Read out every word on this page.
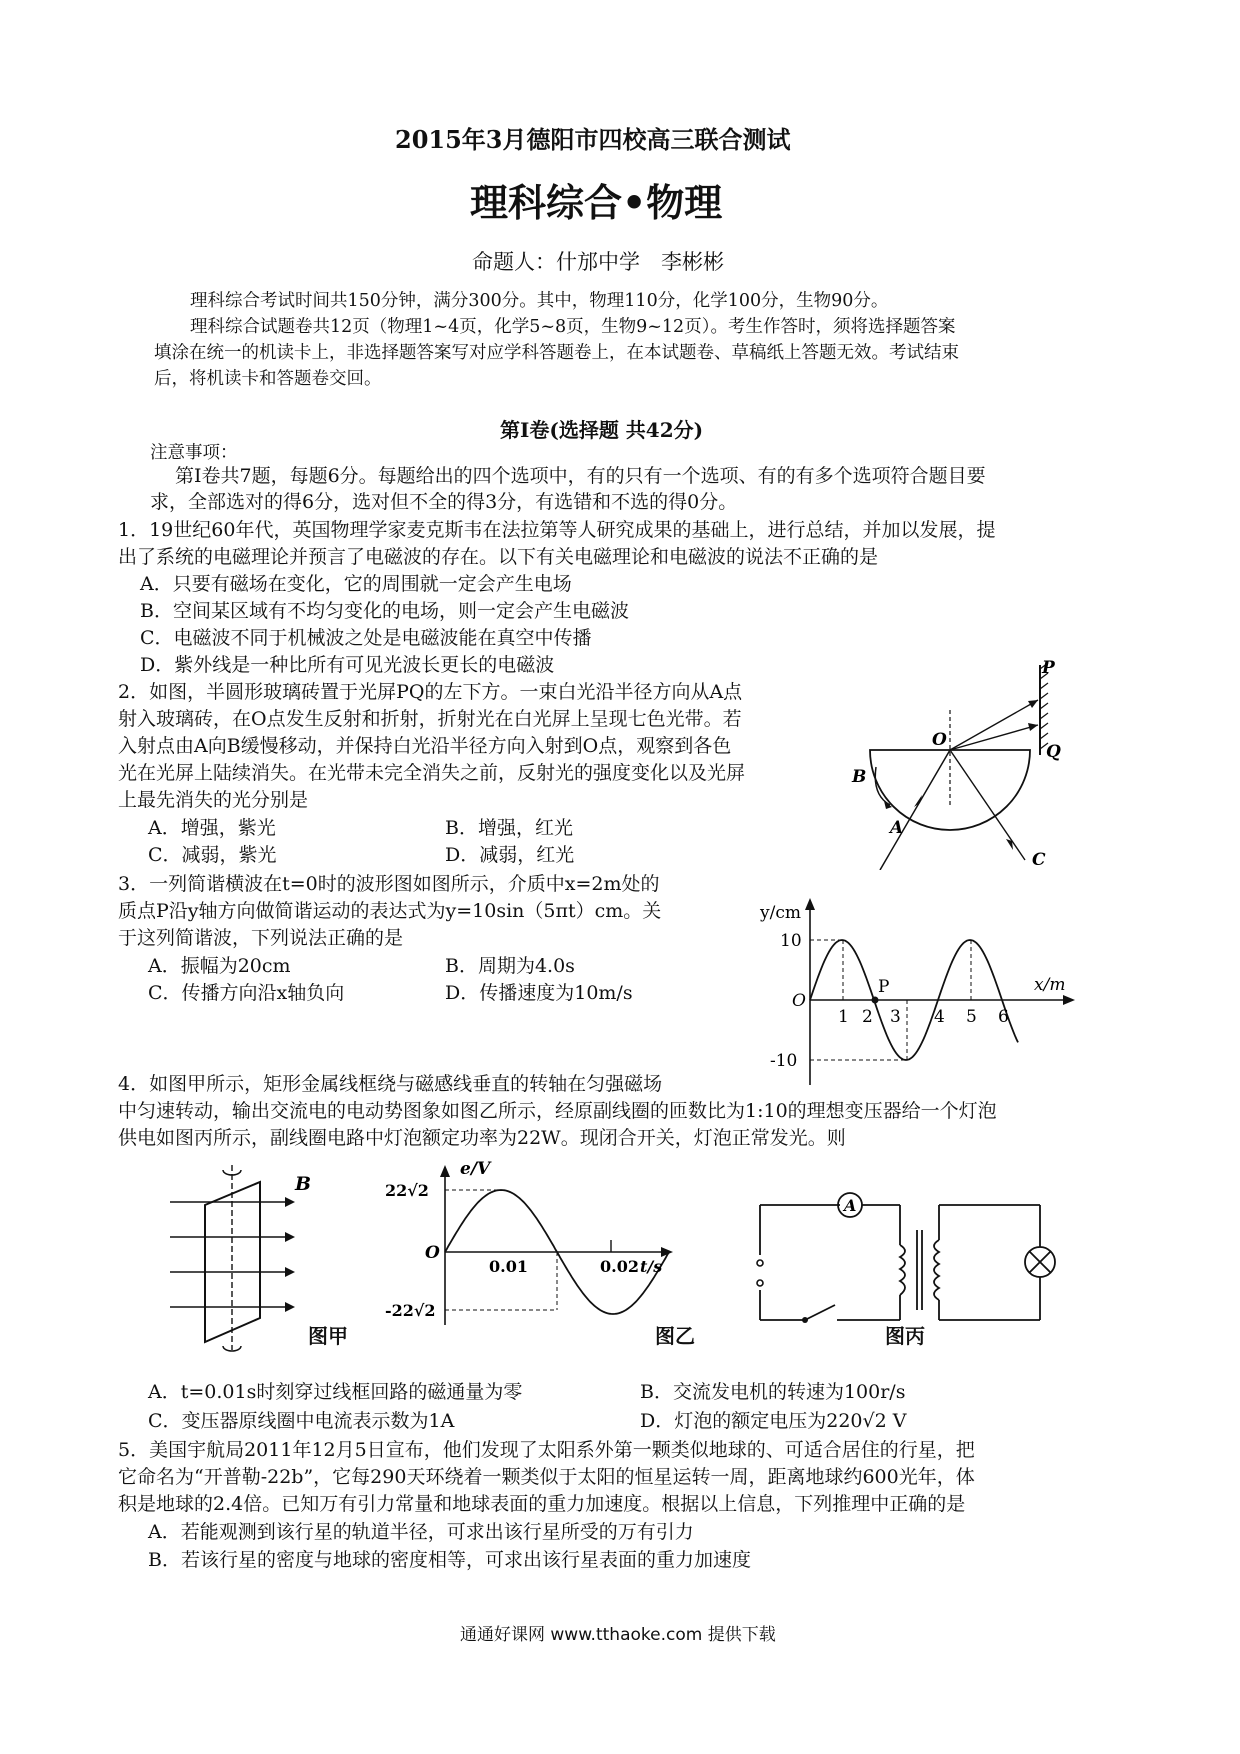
2015年3月德阳市四校高三联合测试
理科综合•物理
命题人：什邡中学　李彬彬
理科综合考试时间共150分钟，满分300分。其中，物理110分，化学100分，生物90分。
理科综合试题卷共12页（物理1~4页，化学5~8页，生物9~12页）。考生作答时，须将选择题答案
填涂在统一的机读卡上，非选择题答案写对应学科答题卷上，在本试题卷、草稿纸上答题无效。考试结束
后，将机读卡和答题卷交回。
第Ⅰ卷(选择题 共42分)
注意事项：
第Ⅰ卷共7题，每题6分。每题给出的四个选项中，有的只有一个选项、有的有多个选项符合题目要
求，全部选对的得6分，选对但不全的得3分，有选错和不选的得0分。
1．19世纪60年代，英国物理学家麦克斯韦在法拉第等人研究成果的基础上，进行总结，并加以发展，提
出了系统的电磁理论并预言了电磁波的存在。以下有关电磁理论和电磁波的说法不正确的是
A．只要有磁场在变化，它的周围就一定会产生电场
B．空间某区域有不均匀变化的电场，则一定会产生电磁波
C．电磁波不同于机械波之处是电磁波能在真空中传播
D．紫外线是一种比所有可见光波长更长的电磁波
2．如图，半圆形玻璃砖置于光屏PQ的左下方。一束白光沿半径方向从A点
射入玻璃砖，在O点发生反射和折射，折射光在白光屏上呈现七色光带。若
入射点由A向B缓慢移动，并保持白光沿半径方向入射到O点，观察到各色
光在光屏上陆续消失。在光带未完全消失之前，反射光的强度变化以及光屏
上最先消失的光分别是
A．增强，紫光	B．增强，红光
C．减弱，紫光	D．减弱，红光
P
Q
O
B
A
C
3．一列简谐横波在t=0时的波形图如图所示，介质中x=2m处的
质点P沿y轴方向做简谐运动的表达式为y=10sin（5πt）cm。关
于这列简谐波，下列说法正确的是
A．振幅为20cm	B．周期为4.0s
C．传播方向沿x轴负向	D．传播速度为10m/s
y/cm
x/m
O
10
-10
P
1 2 3 4 5 6
4．如图甲所示，矩形金属线框绕与磁感线垂直的转轴在匀强磁场
中匀速转动，输出交流电的电动势图象如图乙所示，经原副线圈的匝数比为1:10的理想变压器给一个灯泡
供电如图丙所示，副线圈电路中灯泡额定功率为22W。现闭合开关，灯泡正常发光。则
B
图甲
e/V
22√2
-22√2
O
0.01	0.02 t/s
图乙
A
图丙
A．t=0.01s时刻穿过线框回路的磁通量为零	B．交流发电机的转速为100r/s
C．变压器原线圈中电流表示数为1A	D．灯泡的额定电压为220√2 V
5．美国宇航局2011年12月5日宣布，他们发现了太阳系外第一颗类似地球的、可适合居住的行星，把
它命名为“开普勒-22b”，它每290天环绕着一颗类似于太阳的恒星运转一周，距离地球约600光年，体
积是地球的2.4倍。已知万有引力常量和地球表面的重力加速度。根据以上信息，下列推理中正确的是
A．若能观测到该行星的轨道半径，可求出该行星所受的万有引力
B．若该行星的密度与地球的密度相等，可求出该行星表面的重力加速度
通通好课网 www.tthaoke.com 提供下载
